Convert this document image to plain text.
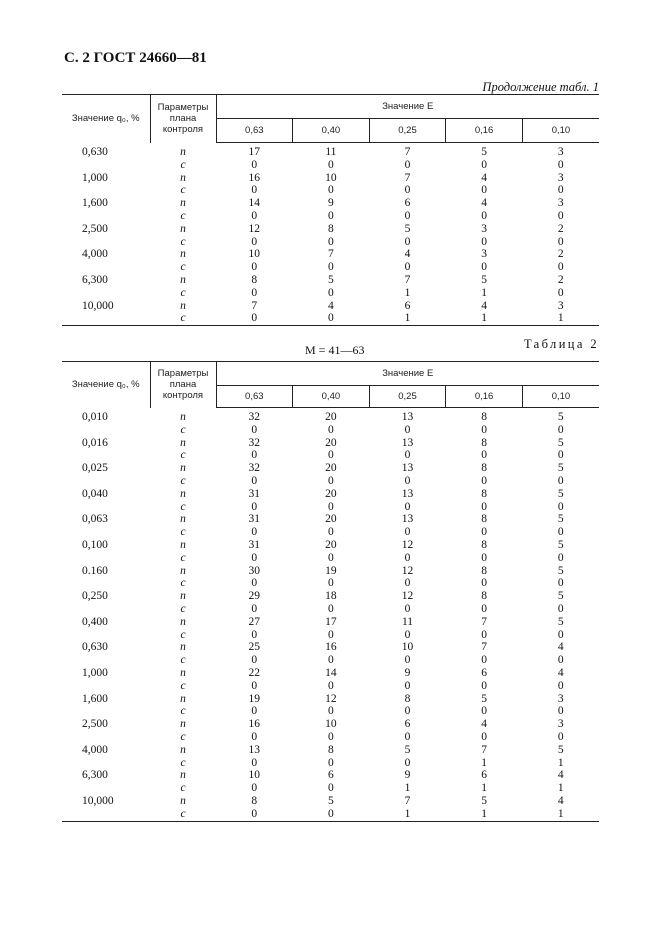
С. 2 ГОСТ 24660—81
Продолжение табл. 1
Значение q₀, %	Параметры плана контроля	Значение E				
		0,63	0,40	0,25	0,16	0,10
0,630	n	17	11	7	5	3
	c	0	0	0	0	0
1,000	n	16	10	7	4	3
	c	0	0	0	0	0
1,600	n	14	9	6	4	3
	c	0	0	0	0	0
2,500	n	12	8	5	3	2
	c	0	0	0	0	0
4,000	n	10	7	4	3	2
	c	0	0	0	0	0
6,300	n	8	5	7	5	2
	c	0	0	1	1	0
10,000	n	7	4	6	4	3
	c	0	0	1	1	1
Таблица 2
M = 41—63
Значение q₀, %	Параметры плана контроля	Значение E				
		0,63	0,40	0,25	0,16	0,10
0,010	n	32	20	13	8	5
	c	0	0	0	0	0
0,016	n	32	20	13	8	5
	c	0	0	0	0	0
0,025	n	32	20	13	8	5
	c	0	0	0	0	0
0,040	n	31	20	13	8	5
	c	0	0	0	0	0
0,063	n	31	20	13	8	5
	c	0	0	0	0	0
0,100	n	31	20	12	8	5
	c	0	0	0	0	0
0.160	n	30	19	12	8	5
	c	0	0	0	0	0
0,250	n	29	18	12	8	5
	c	0	0	0	0	0
0,400	n	27	17	11	7	5
	c	0	0	0	0	0
0,630	n	25	16	10	7	4
	c	0	0	0	0	0
1,000	n	22	14	9	6	4
	c	0	0	0	0	0
1,600	n	19	12	8	5	3
	c	0	0	0	0	0
2,500	n	16	10	6	4	3
	c	0	0	0	0	0
4,000	n	13	8	5	7	5
	c	0	0	0	1	1
6,300	n	10	6	9	6	4
	c	0	0	1	1	1
10,000	n	8	5	7	5	4
	c	0	0	1	1	1
